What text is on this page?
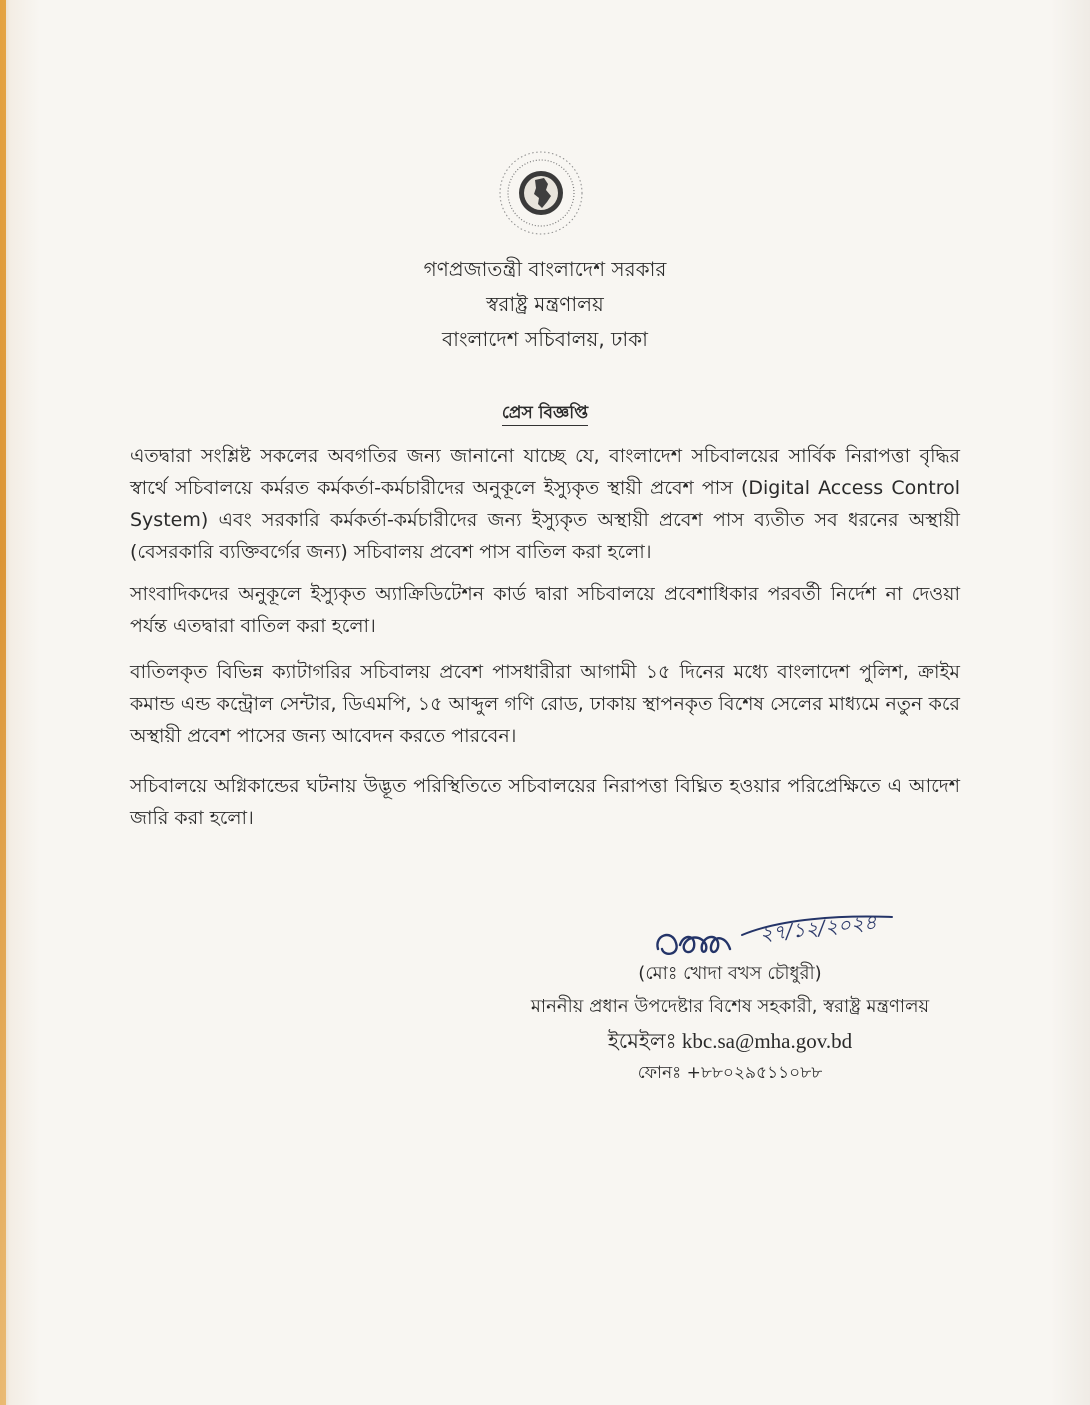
গণপ্রজাতন্ত্রী বাংলাদেশ সরকার
স্বরাষ্ট্র মন্ত্রণালয়
বাংলাদেশ সচিবালয়, ঢাকা
প্রেস বিজ্ঞপ্তি
এতদ্বারা সংশ্লিষ্ট সকলের অবগতির জন্য জানানো যাচ্ছে যে, বাংলাদেশ সচিবালয়ের সার্বিক নিরাপত্তা বৃদ্ধির স্বার্থে সচিবালয়ে কর্মরত কর্মকর্তা-কর্মচারীদের অনুকূলে ইস্যুকৃত স্থায়ী প্রবেশ পাস (Digital Access Control System) এবং সরকারি কর্মকর্তা-কর্মচারীদের জন্য ইস্যুকৃত অস্থায়ী প্রবেশ পাস ব্যতীত সব ধরনের অস্থায়ী (বেসরকারি ব্যক্তিবর্গের জন্য) সচিবালয় প্রবেশ পাস বাতিল করা হলো।
সাংবাদিকদের অনুকূলে ইস্যুকৃত অ্যাক্রিডিটেশন কার্ড দ্বারা সচিবালয়ে প্রবেশাধিকার পরবর্তী নির্দেশ না দেওয়া পর্যন্ত এতদ্বারা বাতিল করা হলো।
বাতিলকৃত বিভিন্ন ক্যাটাগরির সচিবালয় প্রবেশ পাসধারীরা আগামী ১৫ দিনের মধ্যে বাংলাদেশ পুলিশ, ক্রাইম কমান্ড এন্ড কন্ট্রোল সেন্টার, ডিএমপি, ১৫ আব্দুল গণি রোড, ঢাকায় স্থাপনকৃত বিশেষ সেলের মাধ্যমে নতুন করে অস্থায়ী প্রবেশ পাসের জন্য আবেদন করতে পারবেন।
সচিবালয়ে অগ্নিকান্ডের ঘটনায় উদ্ভূত পরিস্থিতিতে সচিবালয়ের নিরাপত্তা বিঘ্নিত হওয়ার পরিপ্রেক্ষিতে এ আদেশ জারি করা হলো।
২৭/১২/২০২৪
(মোঃ খোদা বখস চৌধুরী)
মাননীয় প্রধান উপদেষ্টার বিশেষ সহকারী, স্বরাষ্ট্র মন্ত্রণালয়
ইমেইলঃ kbc.sa@mha.gov.bd
ফোনঃ +৮৮০২৯৫১১০৮৮
